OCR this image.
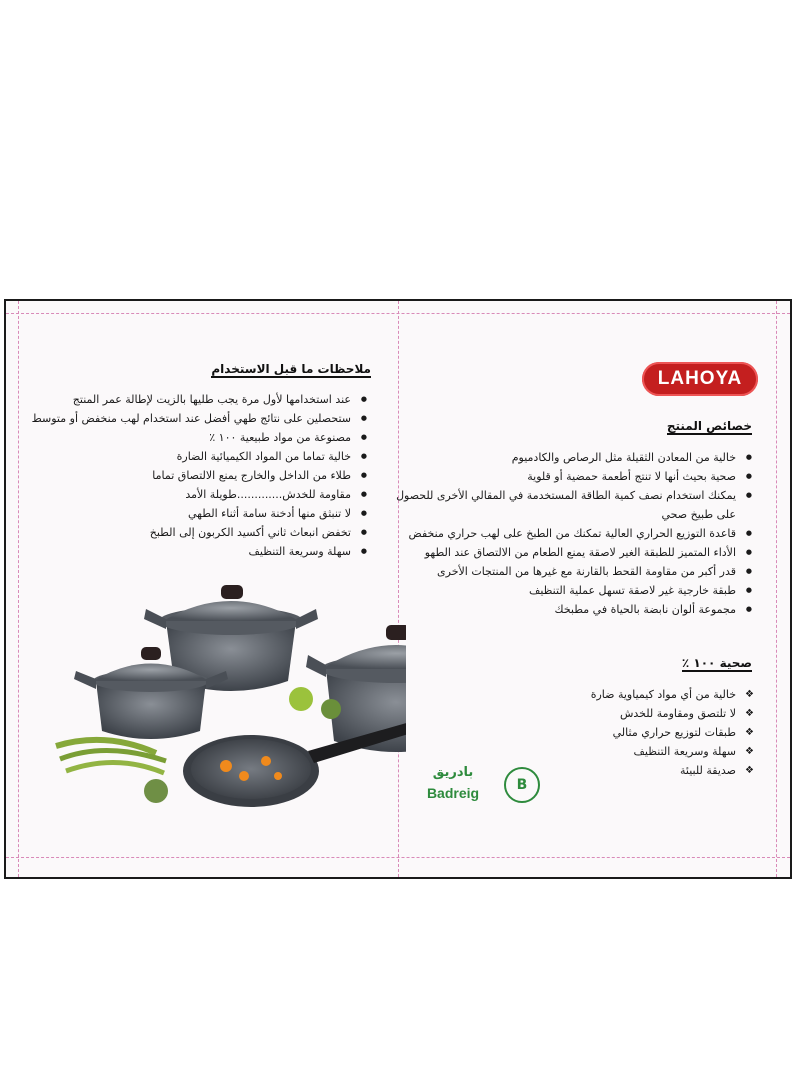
ملاحظات ما قبل الاستخدام
● عند استخدامها لأول مرة يجب طليها بالزيت لإطالة عمر المنتج
● ستحصلين على نتائج طهي أفضل عند استخدام لهب منخفض أو متوسط
● مصنوعة من مواد طبيعية ١٠٠ ٪
● خالية تماما من المواد الكيميائية الضارة
● طلاء من الداخل والخارج يمنع الالتصاق تماما
● مقاومة للخدش.............طويلة الأمد
● لا تنبثق منها أدخنة سامة أثناء الطهي
● تخفض انبعاث ثاني أكسيد الكربون إلى الطبخ
● سهلة وسريعة التنظيف
LAHOYA
خصائص المنتج
● خالية من المعادن الثقيلة مثل الرصاص والكادميوم
● صحية بحيث أنها لا تنتج أطعمة حمضية أو قلوية
● يمكنك استخدام نصف كمية الطاقة المستخدمة في المقالي الأخرى للحصول
على طبيخ صحي
● قاعدة التوزيع الحراري العالية تمكنك من الطبخ على لهب حراري منخفض
● الأداء المتميز للطبقة الغير لاصقة يمنع الطعام من الالتصاق عند الطهو
● قدر أكبر من مقاومة القحط بالقارنة مع غيرها من المنتجات الأخرى
● طبقة خارجية غير لاصقة تسهل عملية التنظيف
● مجموعة ألوان نابضة بالحياة في مطبخك
صحية ١٠٠ ٪
❖ خالية من أي مواد كيمياوية ضارة
❖ لا تلتصق ومقاومة للخدش
❖ طبقات لتوزيع حراري مثالي
❖ سهلة وسريعة التنظيف
❖ صديقة للبيئة
بادريق
Badreig	B
